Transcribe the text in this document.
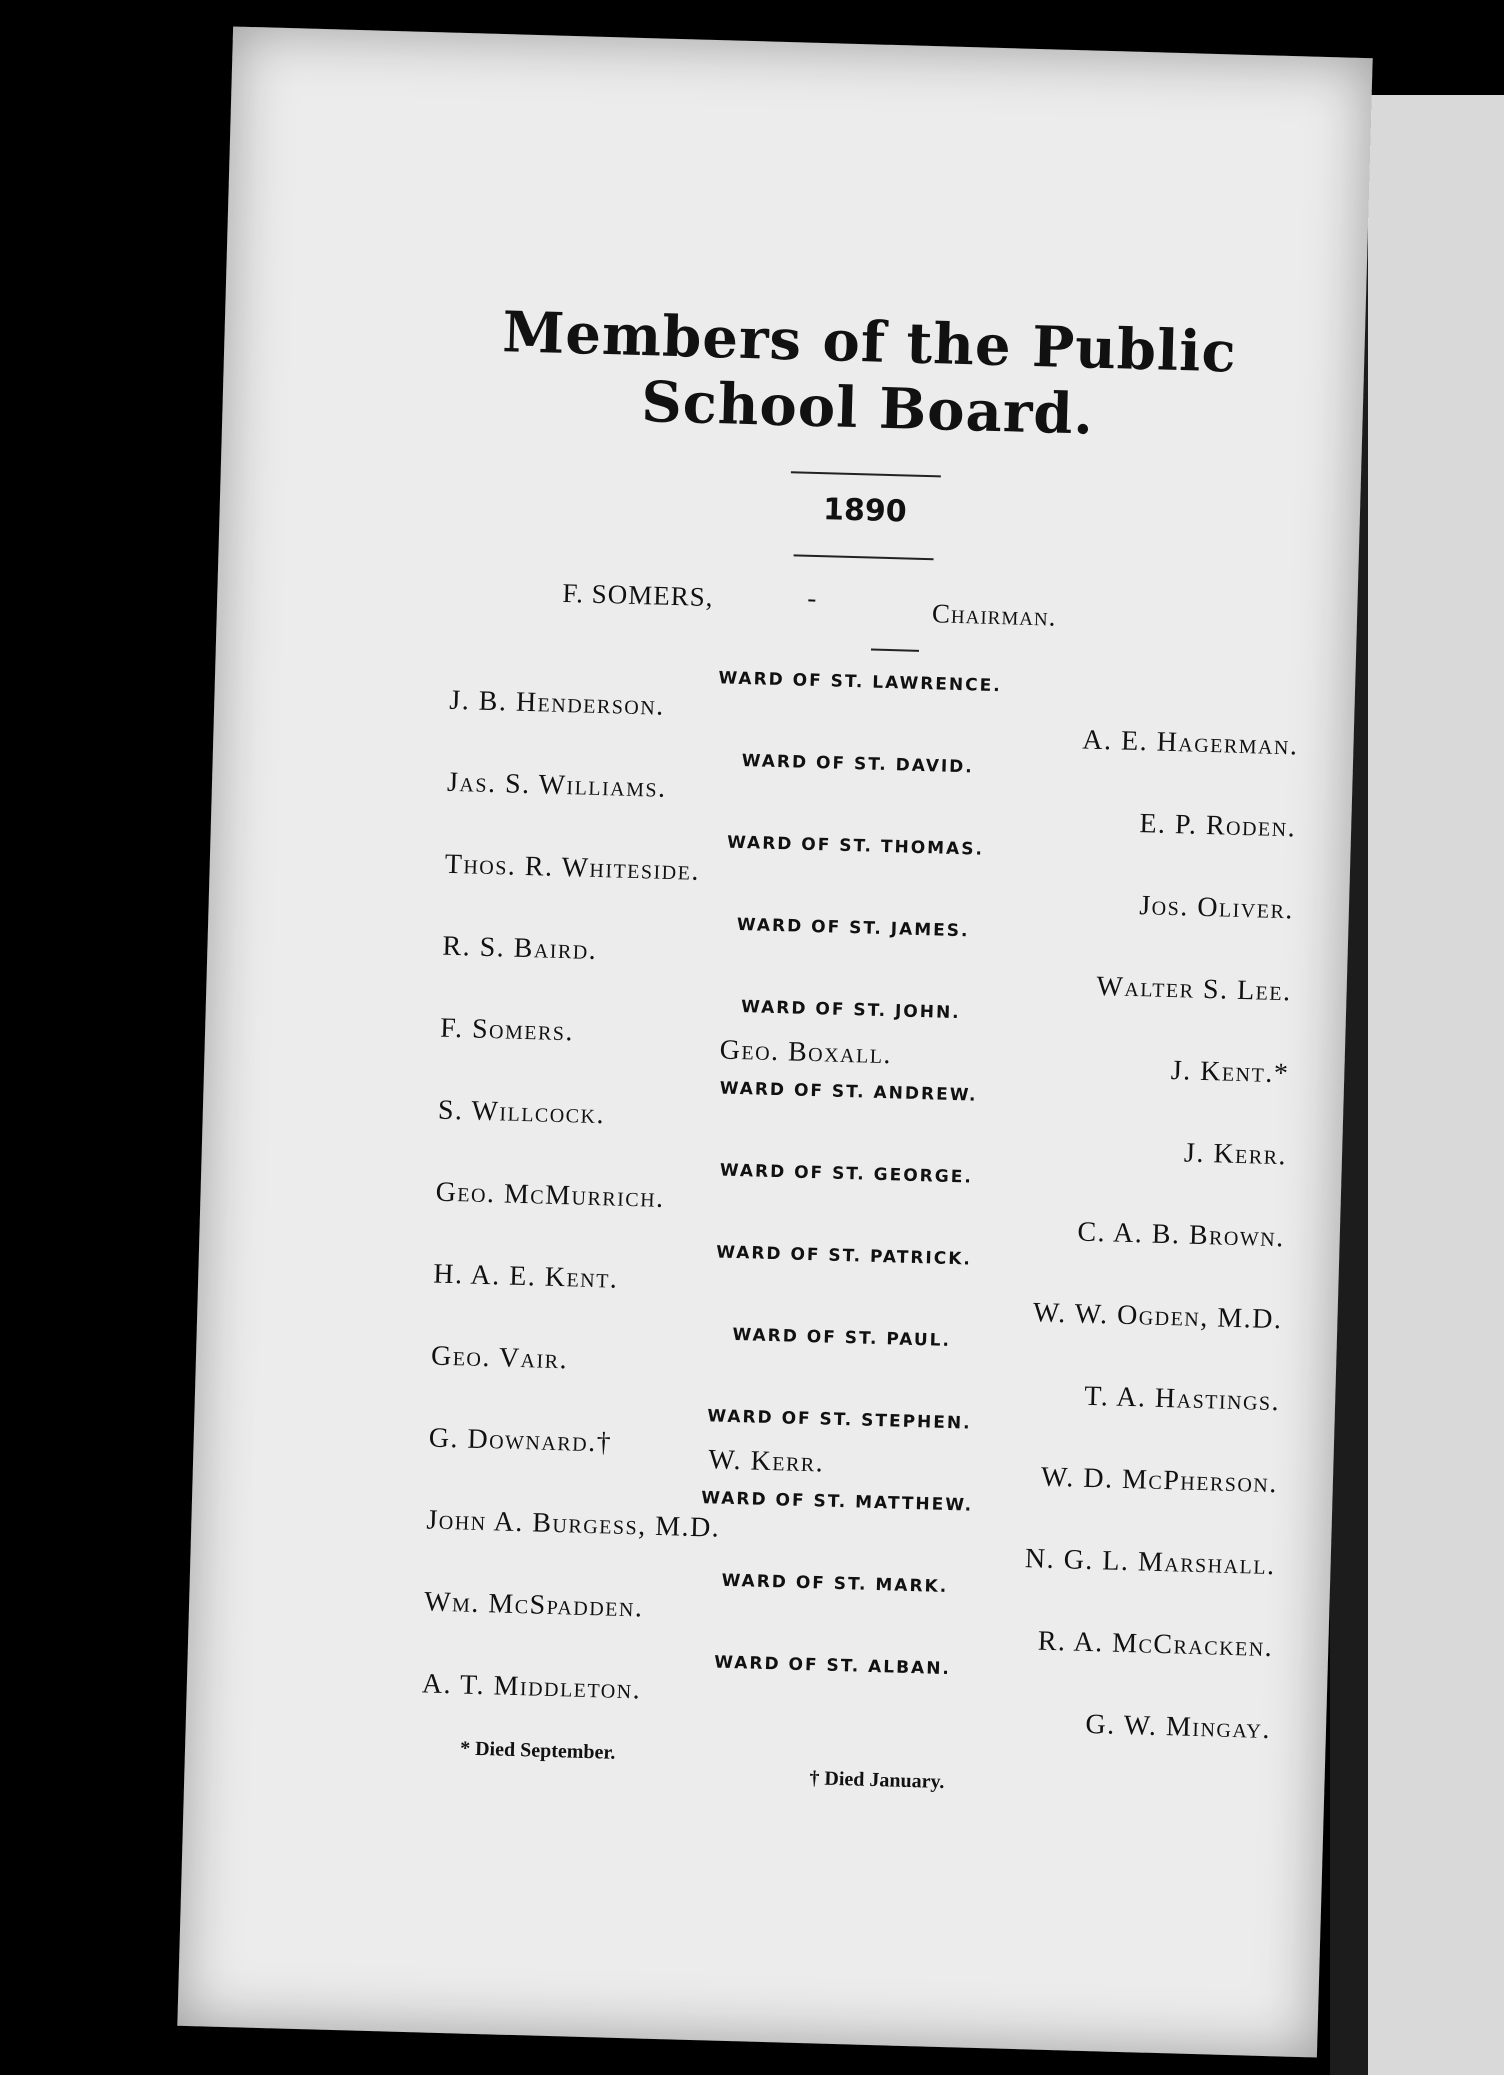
Members of the Public School Board.
1890
F. SOMERS,	-
Chairman.
WARD OF ST. LAWRENCE.
J. B. Henderson.
A. E. Hagerman.
WARD OF ST. DAVID.
Jas. S. Williams.
E. P. Roden.
WARD OF ST. THOMAS.
Thos. R. Whiteside.
Jos. Oliver.
WARD OF ST. JAMES.
R. S. Baird.
Walter S. Lee.
WARD OF ST. JOHN.
F. Somers.
Geo. Boxall.
J. Kent.*
WARD OF ST. ANDREW.
S. Willcock.
J. Kerr.
WARD OF ST. GEORGE.
Geo. McMurrich.
C. A. B. Brown.
WARD OF ST. PATRICK.
H. A. E. Kent.
W. W. Ogden, M.D.
WARD OF ST. PAUL.
Geo. Vair.
T. A. Hastings.
WARD OF ST. STEPHEN.
G. Downard.†
W. Kerr.
W. D. McPherson.
WARD OF ST. MATTHEW.
John A. Burgess, M.D.
N. G. L. Marshall.
WARD OF ST. MARK.
Wm. McSpadden.
R. A. McCracken.
WARD OF ST. ALBAN.
A. T. Middleton.
G. W. Mingay.
* Died September.
† Died January.
